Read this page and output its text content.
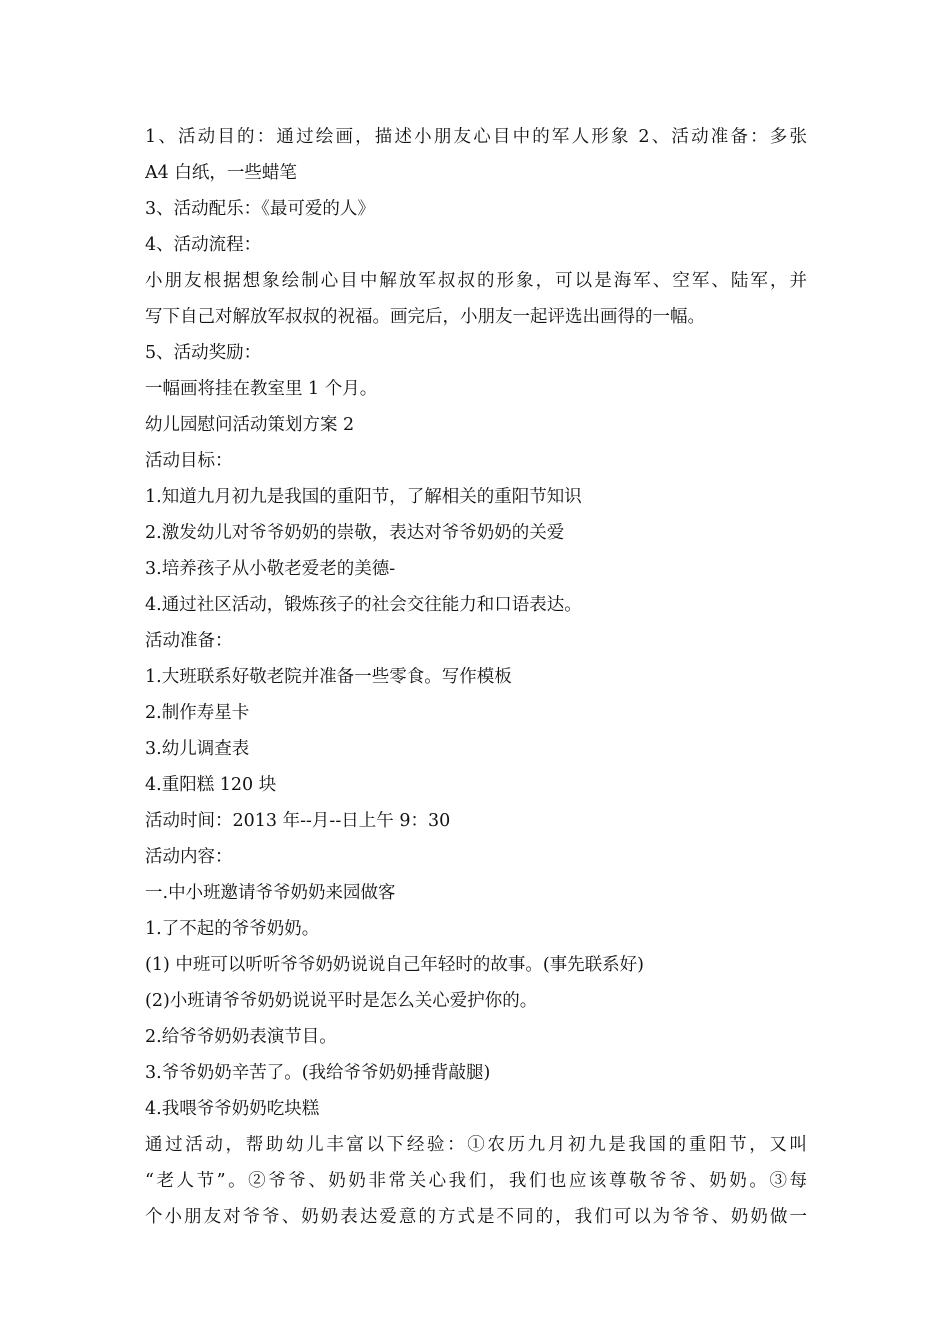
1、活动目的：通过绘画，描述小朋友心目中的军人形象 2、活动准备：多张
A4 白纸，一些蜡笔
3、活动配乐：《最可爱的人》
4、活动流程：
小朋友根据想象绘制心目中解放军叔叔的形象，可以是海军、空军、陆军，并
写下自己对解放军叔叔的祝福。画完后，小朋友一起评选出画得的一幅。
5、活动奖励：
一幅画将挂在教室里 1 个月。
幼儿园慰问活动策划方案 2
活动目标：
1.知道九月初九是我国的重阳节，了解相关的重阳节知识
2.激发幼儿对爷爷奶奶的崇敬，表达对爷爷奶奶的关爱
3.培养孩子从小敬老爱老的美德-
4.通过社区活动，锻炼孩子的社会交往能力和口语表达。
活动准备：
1.大班联系好敬老院并准备一些零食。写作模板
2.制作寿星卡
3.幼儿调查表
4.重阳糕 120 块
活动时间：2013 年--月--日上午 9：30
活动内容：
一.中小班邀请爷爷奶奶来园做客
1.了不起的爷爷奶奶。
(1) 中班可以听听爷爷奶奶说说自己年轻时的故事。(事先联系好)
(2)小班请爷爷奶奶说说平时是怎么关心爱护你的。
2.给爷爷奶奶表演节目。
3.爷爷奶奶辛苦了。(我给爷爷奶奶捶背敲腿)
4.我喂爷爷奶奶吃块糕
通过活动，帮助幼儿丰富以下经验：①农历九月初九是我国的重阳节，又叫
“老人节”。②爷爷、奶奶非常关心我们，我们也应该尊敬爷爷、奶奶。③每
个小朋友对爷爷、奶奶表达爱意的方式是不同的，我们可以为爷爷、奶奶做一
